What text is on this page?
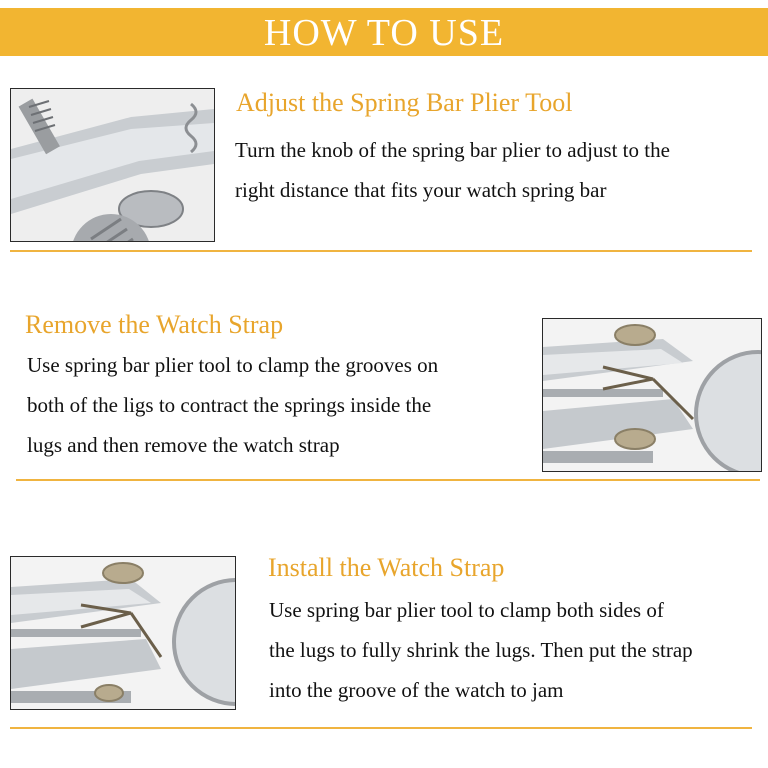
HOW TO USE
Adjust the Spring Bar Plier Tool
Turn the knob of the spring bar plier to adjust to the
right distance that fits your watch spring bar
Remove the Watch Strap
Use spring bar plier tool to clamp the grooves on
both of the ligs to contract the springs inside the
lugs and then remove the watch strap
Install the Watch Strap
Use spring bar plier tool to clamp both sides of
the lugs to fully shrink the lugs. Then put the strap
into the groove of the watch to jam
